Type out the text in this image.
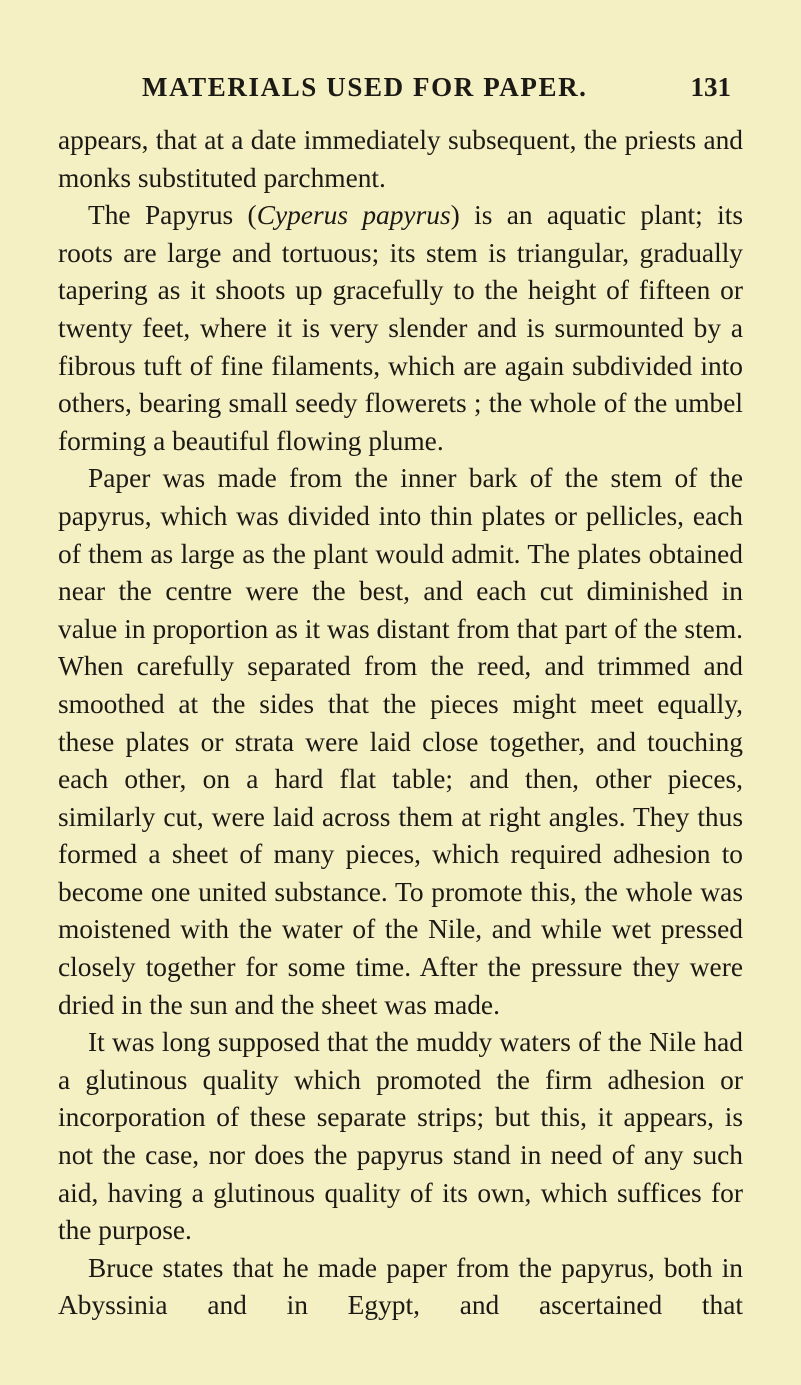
MATERIALS USED FOR PAPER.	131

appears, that at a date immediately subsequent, the priests and monks substituted parchment.

The Papyrus (Cyperus papyrus) is an aquatic plant; its roots are large and tortuous; its stem is triangular, gradually tapering as it shoots up gracefully to the height of fifteen or twenty feet, where it is very slender and is surmounted by a fibrous tuft of fine filaments, which are again subdivided into others, bearing small seedy flowerets ; the whole of the umbel forming a beautiful flowing plume.

Paper was made from the inner bark of the stem of the papyrus, which was divided into thin plates or pellicles, each of them as large as the plant would admit. The plates obtained near the centre were the best, and each cut diminished in value in proportion as it was distant from that part of the stem. When carefully separated from the reed, and trimmed and smoothed at the sides that the pieces might meet equally, these plates or strata were laid close together, and touching each other, on a hard flat table; and then, other pieces, similarly cut, were laid across them at right angles. They thus formed a sheet of many pieces, which required adhesion to become one united substance. To promote this, the whole was moistened with the water of the Nile, and while wet pressed closely together for some time. After the pressure they were dried in the sun and the sheet was made.

It was long supposed that the muddy waters of the Nile had a glutinous quality which promoted the firm adhesion or incorporation of these separate strips; but this, it appears, is not the case, nor does the papyrus stand in need of any such aid, having a glutinous quality of its own, which suffices for the purpose.

Bruce states that he made paper from the papyrus, both in Abyssinia and in Egypt, and ascertained that
